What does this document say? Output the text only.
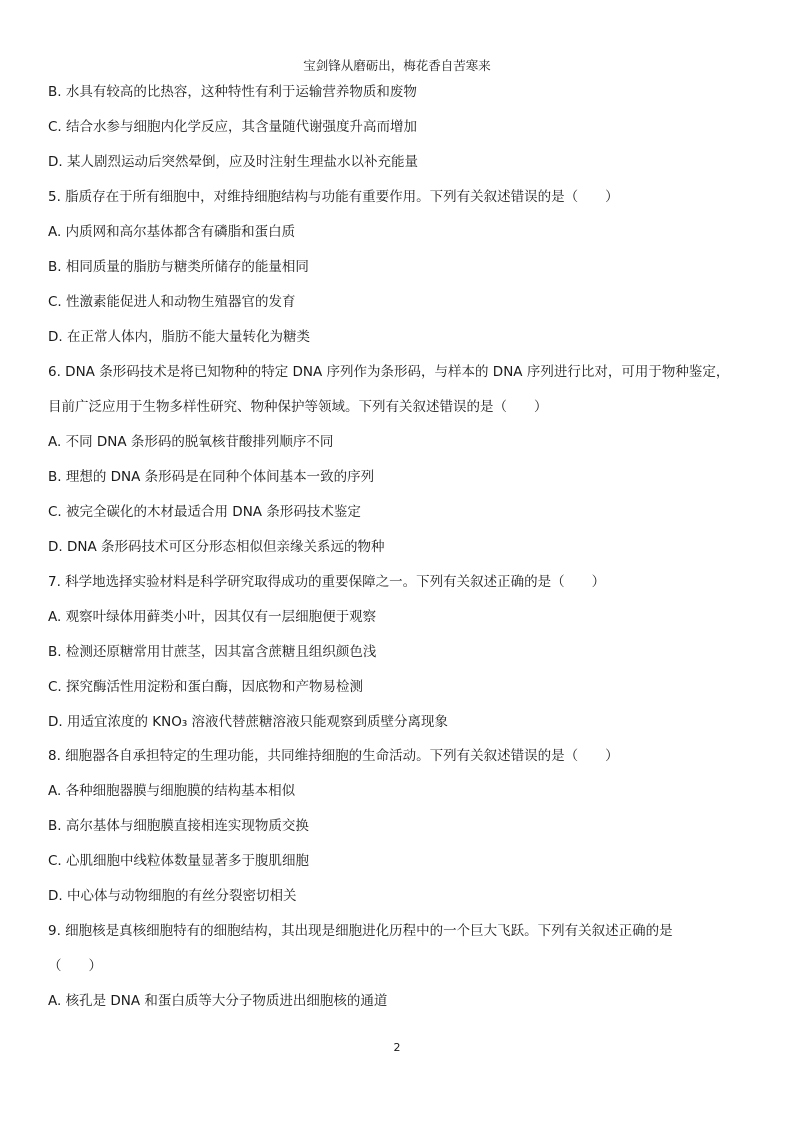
宝剑锋从磨砺出，梅花香自苦寒来
B. 水具有较高的比热容，这种特性有利于运输营养物质和废物
C. 结合水参与细胞内化学反应，其含量随代谢强度升高而增加
D. 某人剧烈运动后突然晕倒，应及时注射生理盐水以补充能量
5. 脂质存在于所有细胞中，对维持细胞结构与功能有重要作用。下列有关叙述错误的是（　　）
A. 内质网和高尔基体都含有磷脂和蛋白质
B. 相同质量的脂肪与糖类所储存的能量相同
C. 性激素能促进人和动物生殖器官的发育
D. 在正常人体内，脂肪不能大量转化为糖类
6. DNA 条形码技术是将已知物种的特定 DNA 序列作为条形码，与样本的 DNA 序列进行比对，可用于物种鉴定，
目前广泛应用于生物多样性研究、物种保护等领域。下列有关叙述错误的是（　　）
A. 不同 DNA 条形码的脱氧核苷酸排列顺序不同
B. 理想的 DNA 条形码是在同种个体间基本一致的序列
C. 被完全碳化的木材最适合用 DNA 条形码技术鉴定
D. DNA 条形码技术可区分形态相似但亲缘关系远的物种
7. 科学地选择实验材料是科学研究取得成功的重要保障之一。下列有关叙述正确的是（　　）
A. 观察叶绿体用藓类小叶，因其仅有一层细胞便于观察
B. 检测还原糖常用甘蔗茎，因其富含蔗糖且组织颜色浅
C. 探究酶活性用淀粉和蛋白酶，因底物和产物易检测
D. 用适宜浓度的 KNO₃ 溶液代替蔗糖溶液只能观察到质壁分离现象
8. 细胞器各自承担特定的生理功能，共同维持细胞的生命活动。下列有关叙述错误的是（　　）
A. 各种细胞器膜与细胞膜的结构基本相似
B. 高尔基体与细胞膜直接相连实现物质交换
C. 心肌细胞中线粒体数量显著多于腹肌细胞
D. 中心体与动物细胞的有丝分裂密切相关
9. 细胞核是真核细胞特有的细胞结构，其出现是细胞进化历程中的一个巨大飞跃。下列有关叙述正确的是
（　　）
A. 核孔是 DNA 和蛋白质等大分子物质进出细胞核的通道
2
